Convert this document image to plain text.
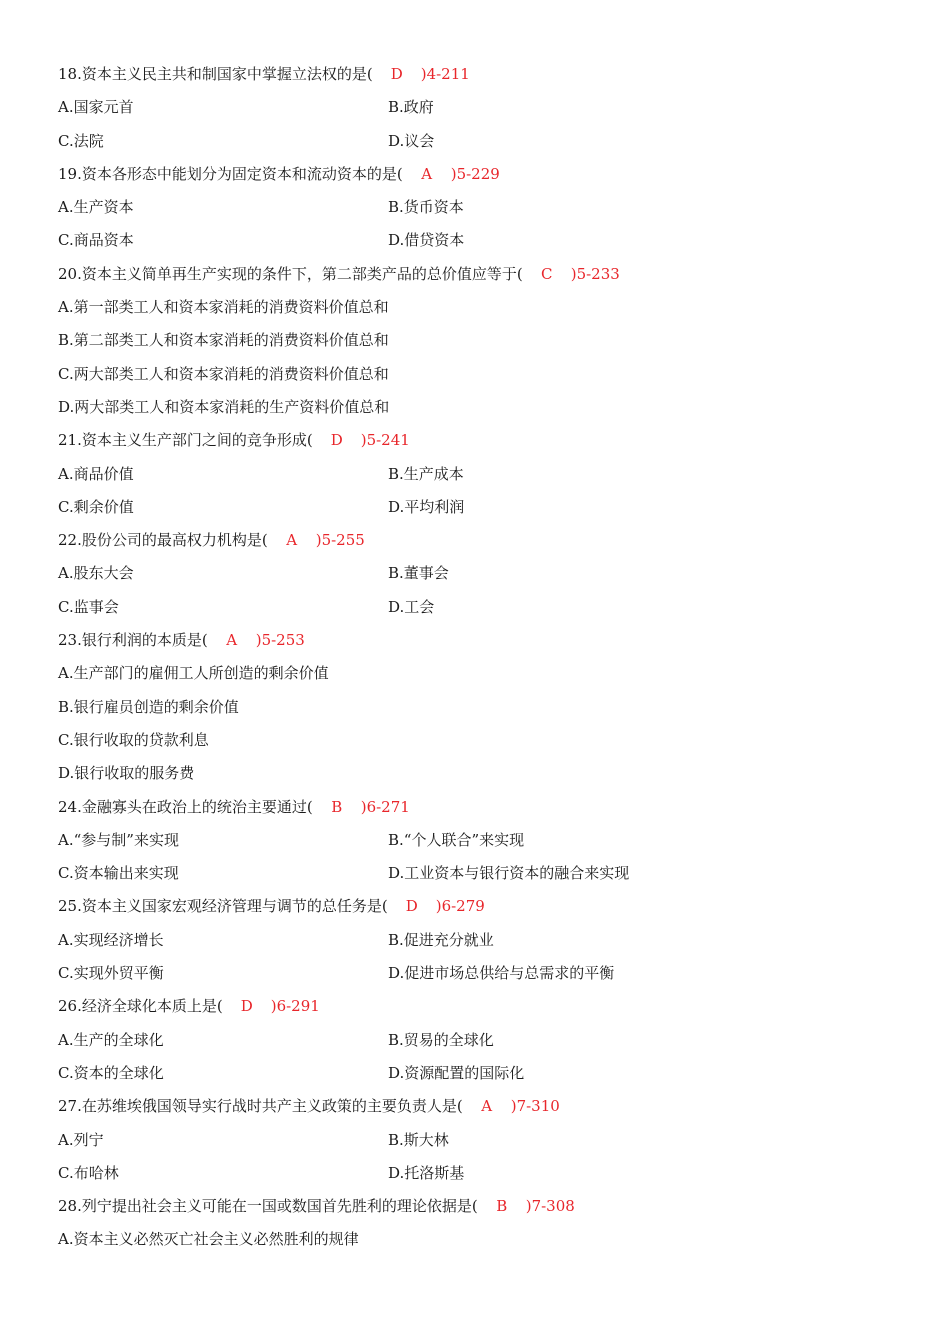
18.资本主义民主共和制国家中掌握立法权的是( D )4-211
A.国家元首	B.政府
C.法院	D.议会
19.资本各形态中能划分为固定资本和流动资本的是( A )5-229
A.生产资本	B.货币资本
C.商品资本	D.借贷资本
20.资本主义简单再生产实现的条件下，第二部类产品的总价值应等于( C )5-233
A.第一部类工人和资本家消耗的消费资料价值总和
B.第二部类工人和资本家消耗的消费资料价值总和
C.两大部类工人和资本家消耗的消费资料价值总和
D.两大部类工人和资本家消耗的生产资料价值总和
21.资本主义生产部门之间的竞争形成( D )5-241
A.商品价值	B.生产成本
C.剩余价值	D.平均利润
22.股份公司的最高权力机构是( A )5-255
A.股东大会	B.董事会
C.监事会	D.工会
23.银行利润的本质是( A )5-253
A.生产部门的雇佣工人所创造的剩余价值
B.银行雇员创造的剩余价值
C.银行收取的贷款利息
D.银行收取的服务费
24.金融寡头在政治上的统治主要通过( B )6-271
A.“参与制”来实现	B.“个人联合”来实现
C.资本输出来实现	D.工业资本与银行资本的融合来实现
25.资本主义国家宏观经济管理与调节的总任务是( D )6-279
A.实现经济增长	B.促进充分就业
C.实现外贸平衡	D.促进市场总供给与总需求的平衡
26.经济全球化本质上是( D )6-291
A.生产的全球化	B.贸易的全球化
C.资本的全球化	D.资源配置的国际化
27.在苏维埃俄国领导实行战时共产主义政策的主要负责人是( A )7-310
A.列宁	B.斯大林
C.布哈林	D.托洛斯基
28.列宁提出社会主义可能在一国或数国首先胜利的理论依据是( B )7-308
A.资本主义必然灭亡社会主义必然胜利的规律
